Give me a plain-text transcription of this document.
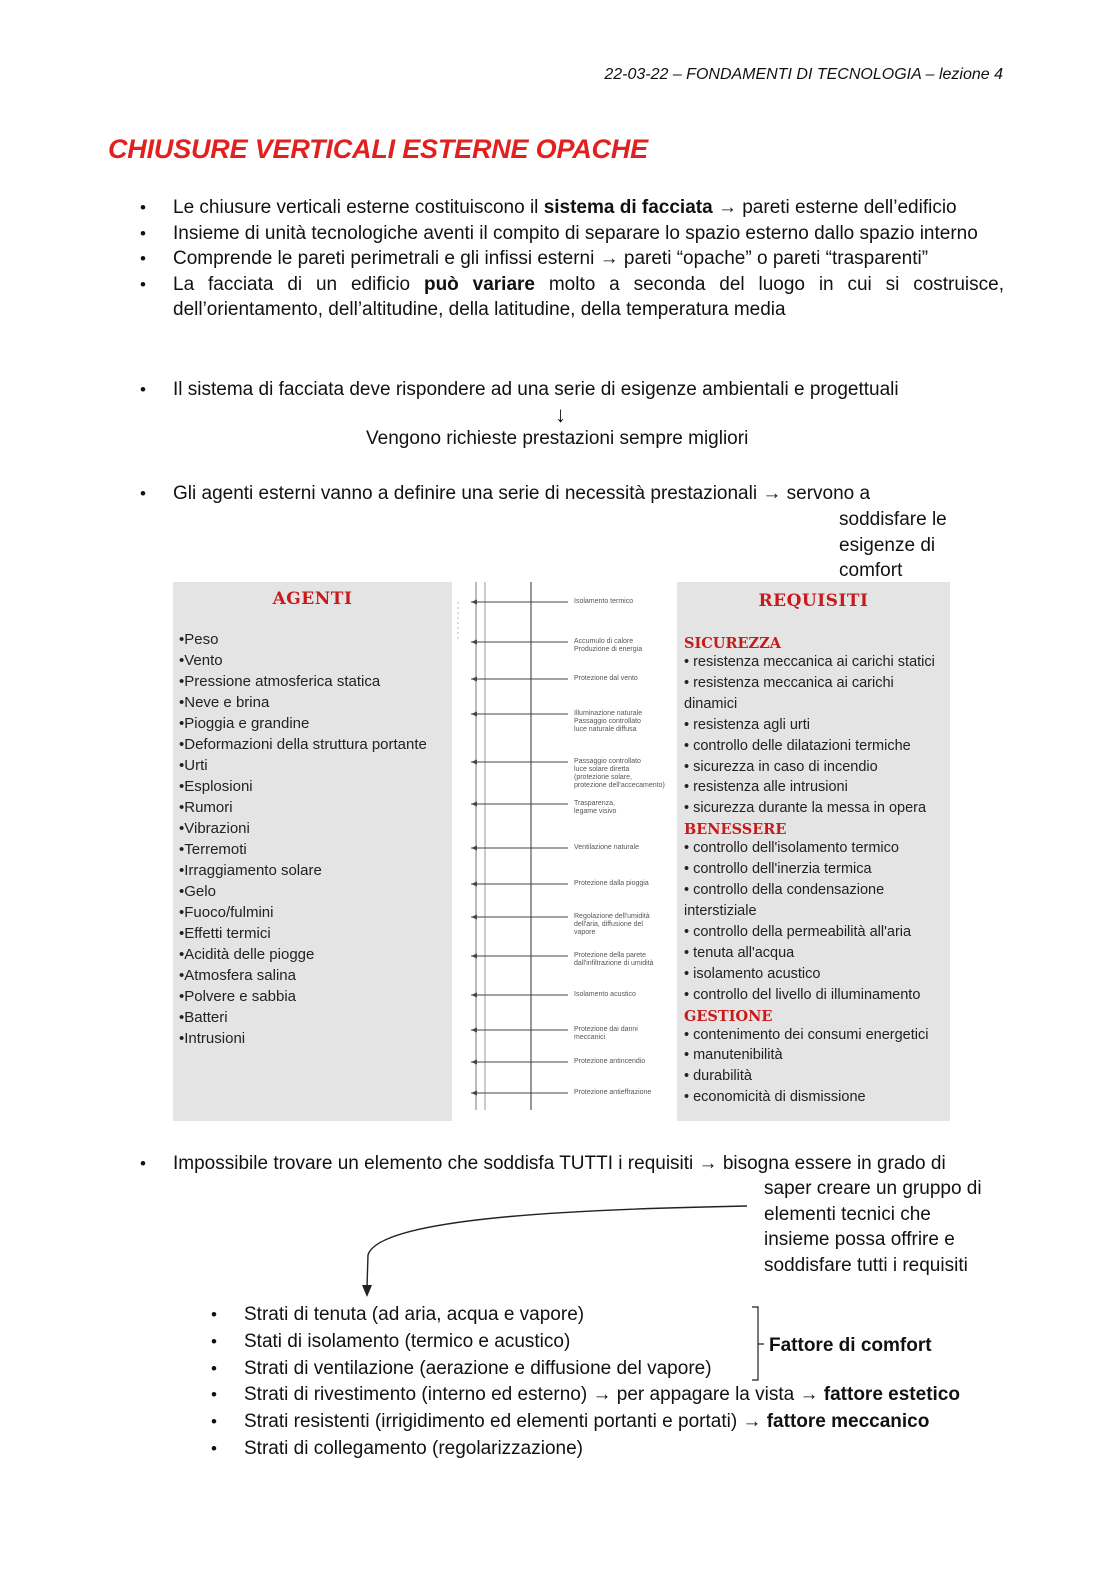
22-03-22 – FONDAMENTI DI TECNOLOGIA – lezione 4
CHIUSURE VERTICALI ESTERNE OPACHE
• Le chiusure verticali esterne costituiscono il sistema di facciata → pareti esterne dell’edificio
• Insieme di unità tecnologiche aventi il compito di separare lo spazio esterno dallo spazio interno
• Comprende le pareti perimetrali e gli infissi esterni → pareti “opache” o pareti “trasparenti”
• La facciata di un edificio può variare molto a seconda del luogo in cui si costruisce, dell’orientamento, dell’altitudine, della latitudine, della temperatura media
• Il sistema di facciata deve rispondere ad una serie di esigenze ambientali e progettuali
↓
Vengono richieste prestazioni sempre migliori
• Gli agenti esterni vanno a definire una serie di necessità prestazionali → servono a
soddisfare le
esigenze di
comfort
AGENTI
•Peso
•Vento
•Pressione atmosferica statica
•Neve e brina
•Pioggia e grandine
•Deformazioni della struttura portante
•Urti
•Esplosioni
•Rumori
•Vibrazioni
•Terremoti
•Irraggiamento solare
•Gelo
•Fuoco/fulmini
•Effetti termici
•Acidità delle piogge
•Atmosfera salina
•Polvere e sabbia
•Batteri
•Intrusioni
Isolamento termico
Accumulo di calore
Produzione di energia
Protezione dal vento
Illuminazione naturale
Passaggio controllato
luce naturale diffusa
Passaggio controllato
luce solare diretta
(protezione solare,
protezione dell'accecamento)
Trasparenza,
legame visivo
Ventilazione naturale
Protezione dalla pioggia
Regolazione dell'umidità
dell'aria, diffusione del
vapore
Protezione della parete
dall'infiltrazione di umidità
Isolamento acustico
Protezione dai danni
meccanici
Protezione antincendio
Protezione antieffrazione
REQUISITI
SICUREZZA
• resistenza meccanica ai carichi statici
• resistenza meccanica ai carichi dinamici
• resistenza agli urti
• controllo delle dilatazioni termiche
• sicurezza in caso di incendio
• resistenza alle intrusioni
• sicurezza durante la messa in opera
BENESSERE
• controllo dell'isolamento termico
• controllo dell'inerzia termica
• controllo della condensazione interstiziale
• controllo della permeabilità all'aria
• tenuta all'acqua
• isolamento acustico
• controllo del livello di illuminamento
GESTIONE
• contenimento dei consumi energetici
• manutenibilità
• durabilità
• economicità di dismissione
• Impossibile trovare un elemento che soddisfa TUTTI i requisiti → bisogna essere in grado di
saper creare un gruppo di
elementi tecnici che
insieme possa offrire e
soddisfare tutti i requisiti
• Strati di tenuta (ad aria, acqua e vapore)
• Stati di isolamento (termico e acustico)
• Strati di ventilazione (aerazione e diffusione del vapore)
• Strati di rivestimento (interno ed esterno) → per appagare la vista → fattore estetico
• Strati resistenti (irrigidimento ed elementi portanti e portati) → fattore meccanico
• Strati di collegamento (regolarizzazione)
Fattore di comfort
